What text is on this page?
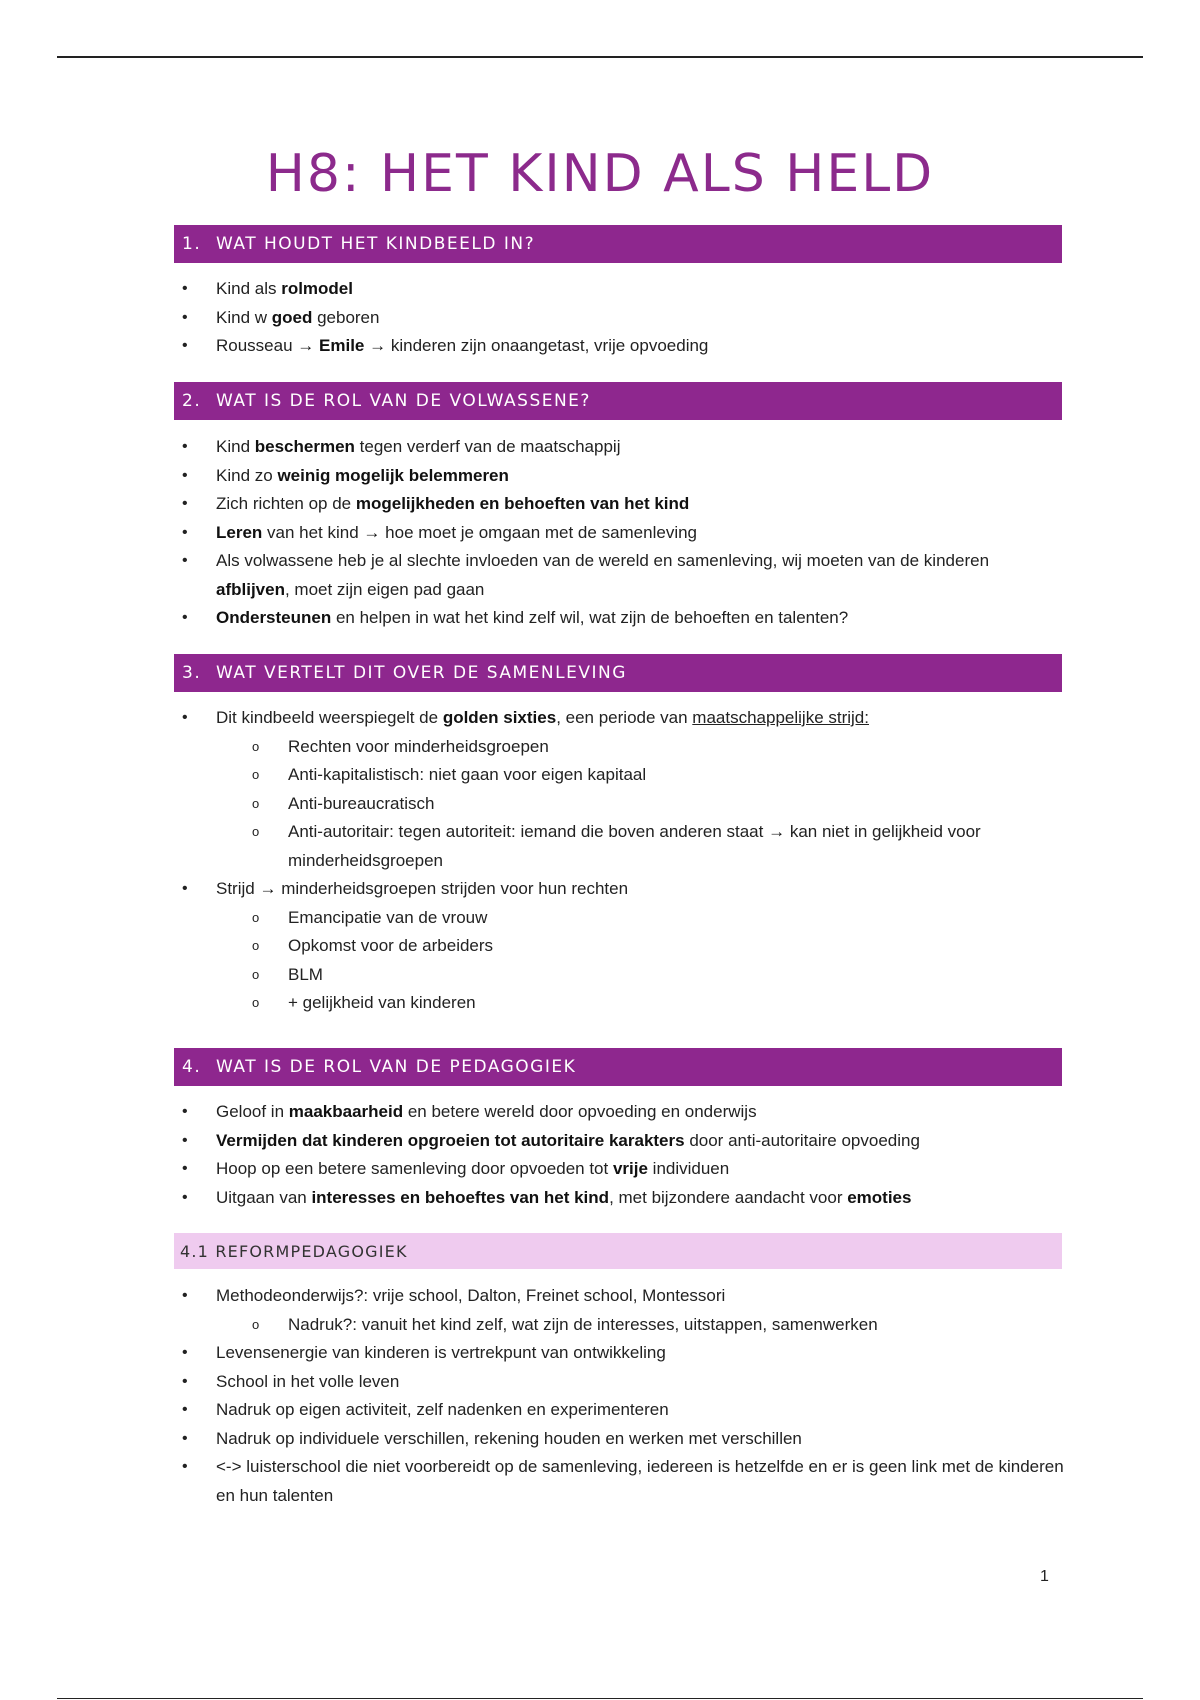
H8: HET KIND ALS HELD
1. WAT HOUDT HET KINDBEELD IN?
• Kind als rolmodel
• Kind w goed geboren
• Rousseau → Emile → kinderen zijn onaangetast, vrije opvoeding
2. WAT IS DE ROL VAN DE VOLWASSENE?
• Kind beschermen tegen verderf van de maatschappij
• Kind zo weinig mogelijk belemmeren
• Zich richten op de mogelijkheden en behoeften van het kind
• Leren van het kind → hoe moet je omgaan met de samenleving
• Als volwassene heb je al slechte invloeden van de wereld en samenleving, wij moeten van de kinderen afblijven, moet zijn eigen pad gaan
• Ondersteunen en helpen in wat het kind zelf wil, wat zijn de behoeften en talenten?
3. WAT VERTELT DIT OVER DE SAMENLEVING
• Dit kindbeeld weerspiegelt de golden sixties, een periode van maatschappelijke strijd:
o Rechten voor minderheidsgroepen
o Anti-kapitalistisch: niet gaan voor eigen kapitaal
o Anti-bureaucratisch
o Anti-autoritair: tegen autoriteit: iemand die boven anderen staat → kan niet in gelijkheid voor minderheidsgroepen
• Strijd → minderheidsgroepen strijden voor hun rechten
o Emancipatie van de vrouw
o Opkomst voor de arbeiders
o BLM
o + gelijkheid van kinderen
4. WAT IS DE ROL VAN DE PEDAGOGIEK
• Geloof in maakbaarheid en betere wereld door opvoeding en onderwijs
• Vermijden dat kinderen opgroeien tot autoritaire karakters door anti-autoritaire opvoeding
• Hoop op een betere samenleving door opvoeden tot vrije individuen
• Uitgaan van interesses en behoeftes van het kind, met bijzondere aandacht voor emoties
4.1 REFORMPEDAGOGIEK
• Methodeonderwijs?: vrije school, Dalton, Freinet school, Montessori
o Nadruk?: vanuit het kind zelf, wat zijn de interesses, uitstappen, samenwerken
• Levensenergie van kinderen is vertrekpunt van ontwikkeling
• School in het volle leven
• Nadruk op eigen activiteit, zelf nadenken en experimenteren
• Nadruk op individuele verschillen, rekening houden en werken met verschillen
• <-> luisterschool die niet voorbereidt op de samenleving, iedereen is hetzelfde en er is geen link met de kinderen en hun talenten
1
